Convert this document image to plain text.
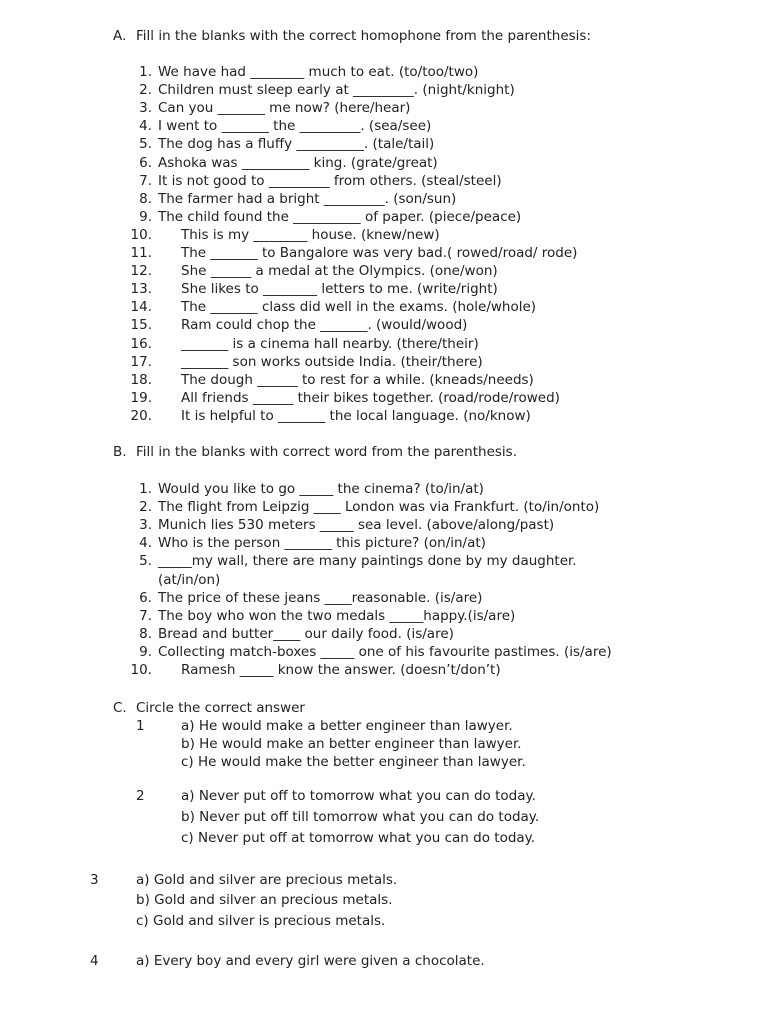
A. Fill in the blanks with the correct homophone from the parenthesis:
1. We have had ________ much to eat. (to/too/two)
2. Children must sleep early at _________. (night/knight)
3. Can you _______ me now? (here/hear)
4. I went to _______ the _________. (sea/see)
5. The dog has a fluffy __________. (tale/tail)
6. Ashoka was __________ king. (grate/great)
7. It is not good to _________ from others. (steal/steel)
8. The farmer had a bright _________. (son/sun)
9. The child found the __________ of paper. (piece/peace)
10. This is my ________ house. (knew/new)
11. The _______ to Bangalore was very bad.( rowed/road/ rode)
12. She ______ a medal at the Olympics. (one/won)
13. She likes to ________ letters to me. (write/right)
14. The _______ class did well in the exams. (hole/whole)
15. Ram could chop the _______. (would/wood)
16. _______ is a cinema hall nearby. (there/their)
17. _______ son works outside India. (their/there)
18. The dough ______ to rest for a while. (kneads/needs)
19. All friends ______ their bikes together. (road/rode/rowed)
20. It is helpful to _______ the local language. (no/know)
B. Fill in the blanks with correct word from the parenthesis.
1. Would you like to go _____ the cinema? (to/in/at)
2. The flight from Leipzig ____ London was via Frankfurt. (to/in/onto)
3. Munich lies 530 meters _____ sea level. (above/along/past)
4. Who is the person _______ this picture? (on/in/at)
5. _____my wall, there are many paintings done by my daughter.
(at/in/on)
6. The price of these jeans ____reasonable. (is/are)
7. The boy who won the two medals _____happy.(is/are)
8. Bread and butter____ our daily food. (is/are)
9. Collecting match-boxes _____ one of his favourite pastimes. (is/are)
10. Ramesh _____ know the answer. (doesn’t/don’t)
C. Circle the correct answer
1	a) He would make a better engineer than lawyer.
b) He would make an better engineer than lawyer.
c) He would make the better engineer than lawyer.
2	a) Never put off to tomorrow what you can do today.
b) Never put off till tomorrow what you can do today.
c) Never put off at tomorrow what you can do today.
3	a) Gold and silver are precious metals.
b) Gold and silver an precious metals.
c) Gold and silver is precious metals.
4	a) Every boy and every girl were given a chocolate.
